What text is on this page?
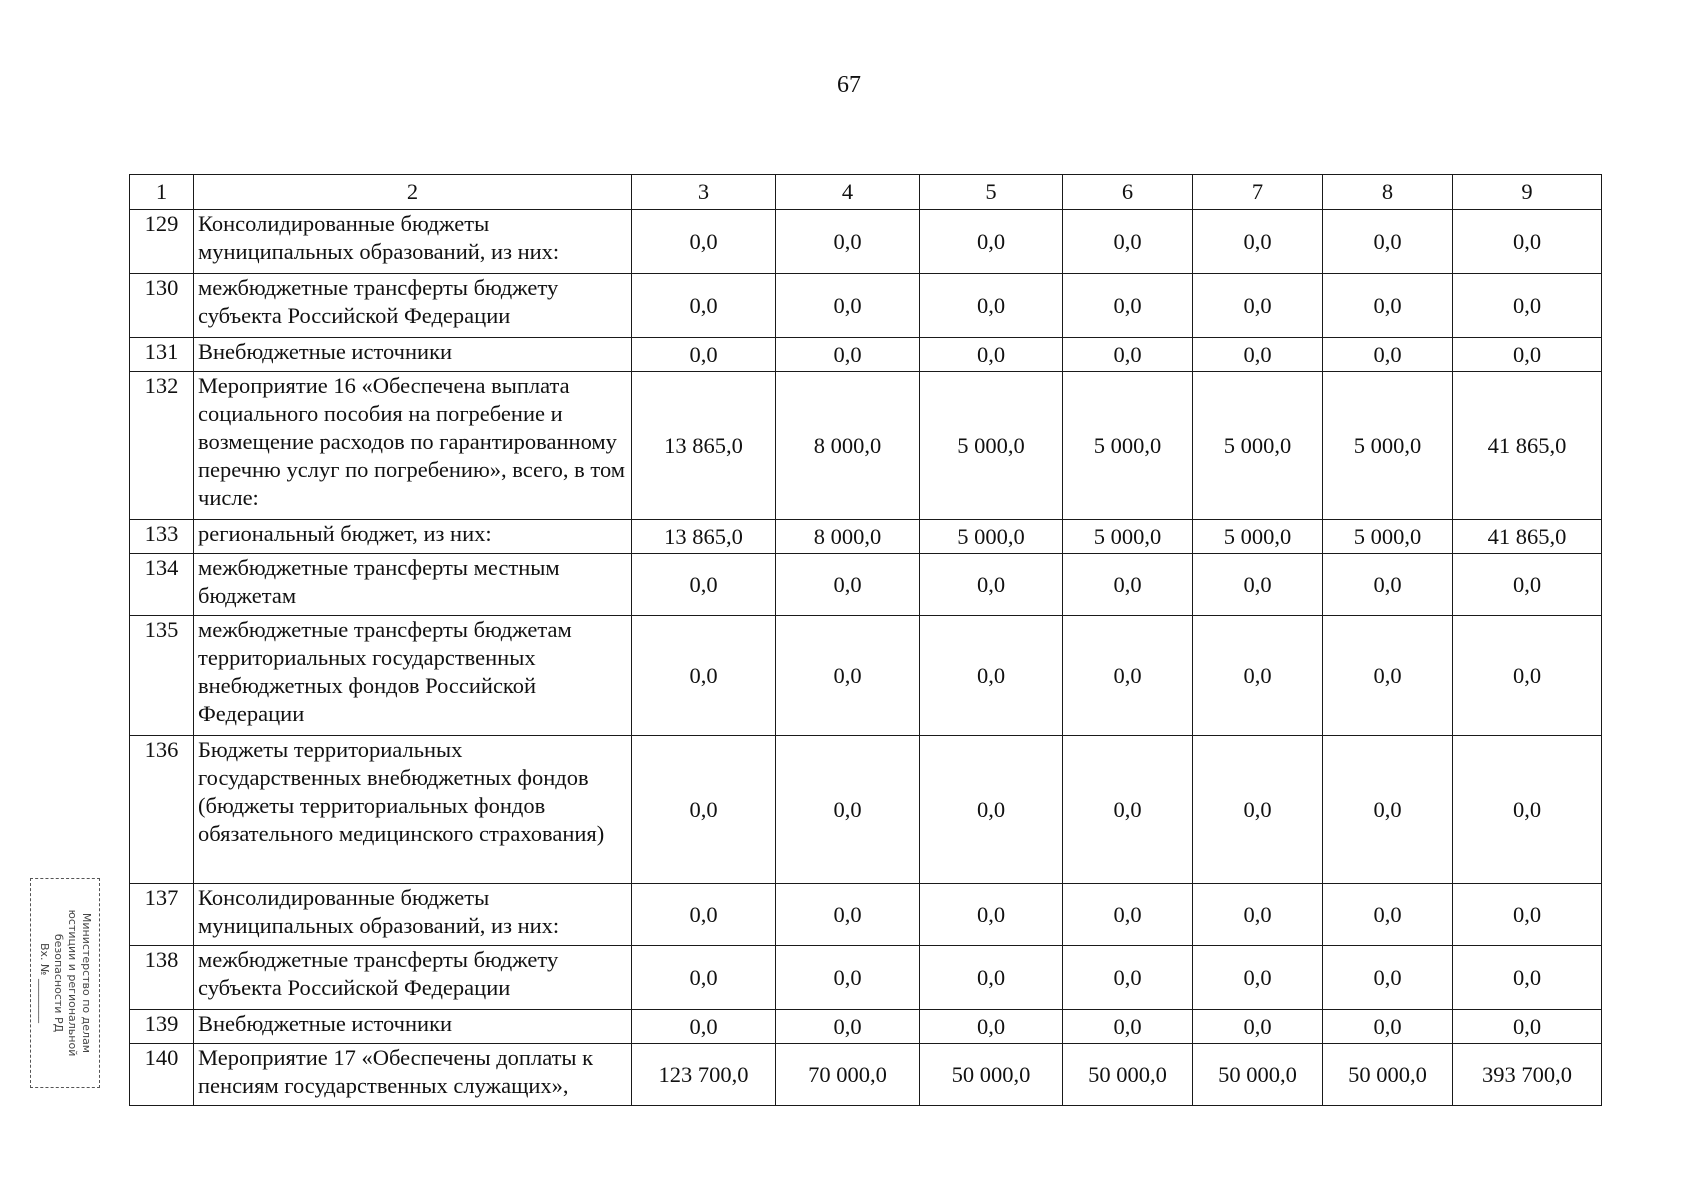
67
1	2	3	4	5	6	7	8	9
129	Консолидированные бюджеты муниципальных образований, из них:	0,0	0,0	0,0	0,0	0,0	0,0	0,0
130	межбюджетные трансферты бюджету субъекта Российской Федерации	0,0	0,0	0,0	0,0	0,0	0,0	0,0
131	Внебюджетные источники	0,0	0,0	0,0	0,0	0,0	0,0	0,0
132	Мероприятие 16 «Обеспечена выплата социального пособия на погребение и возмещение расходов по гарантированному перечню услуг по погребению», всего, в том числе:	13 865,0	8 000,0	5 000,0	5 000,0	5 000,0	5 000,0	41 865,0
133	региональный бюджет, из них:	13 865,0	8 000,0	5 000,0	5 000,0	5 000,0	5 000,0	41 865,0
134	межбюджетные трансферты местным бюджетам	0,0	0,0	0,0	0,0	0,0	0,0	0,0
135	межбюджетные трансферты бюджетам территориальных государственных внебюджетных фондов Российской Федерации	0,0	0,0	0,0	0,0	0,0	0,0	0,0
136	Бюджеты территориальных государственных внебюджетных фондов (бюджеты территориальных фондов обязательного медицинского страхования)	0,0	0,0	0,0	0,0	0,0	0,0	0,0
137	Консолидированные бюджеты муниципальных образований, из них:	0,0	0,0	0,0	0,0	0,0	0,0	0,0
138	межбюджетные трансферты бюджету субъекта Российской Федерации	0,0	0,0	0,0	0,0	0,0	0,0	0,0
139	Внебюджетные источники	0,0	0,0	0,0	0,0	0,0	0,0	0,0
140	Мероприятие 17 «Обеспечены доплаты к пенсиям государственных служащих»,	123 700,0	70 000,0	50 000,0	50 000,0	50 000,0	50 000,0	393 700,0
Министерство по делам
юстиции и региональной
безопасности РД
Вх. № ________
